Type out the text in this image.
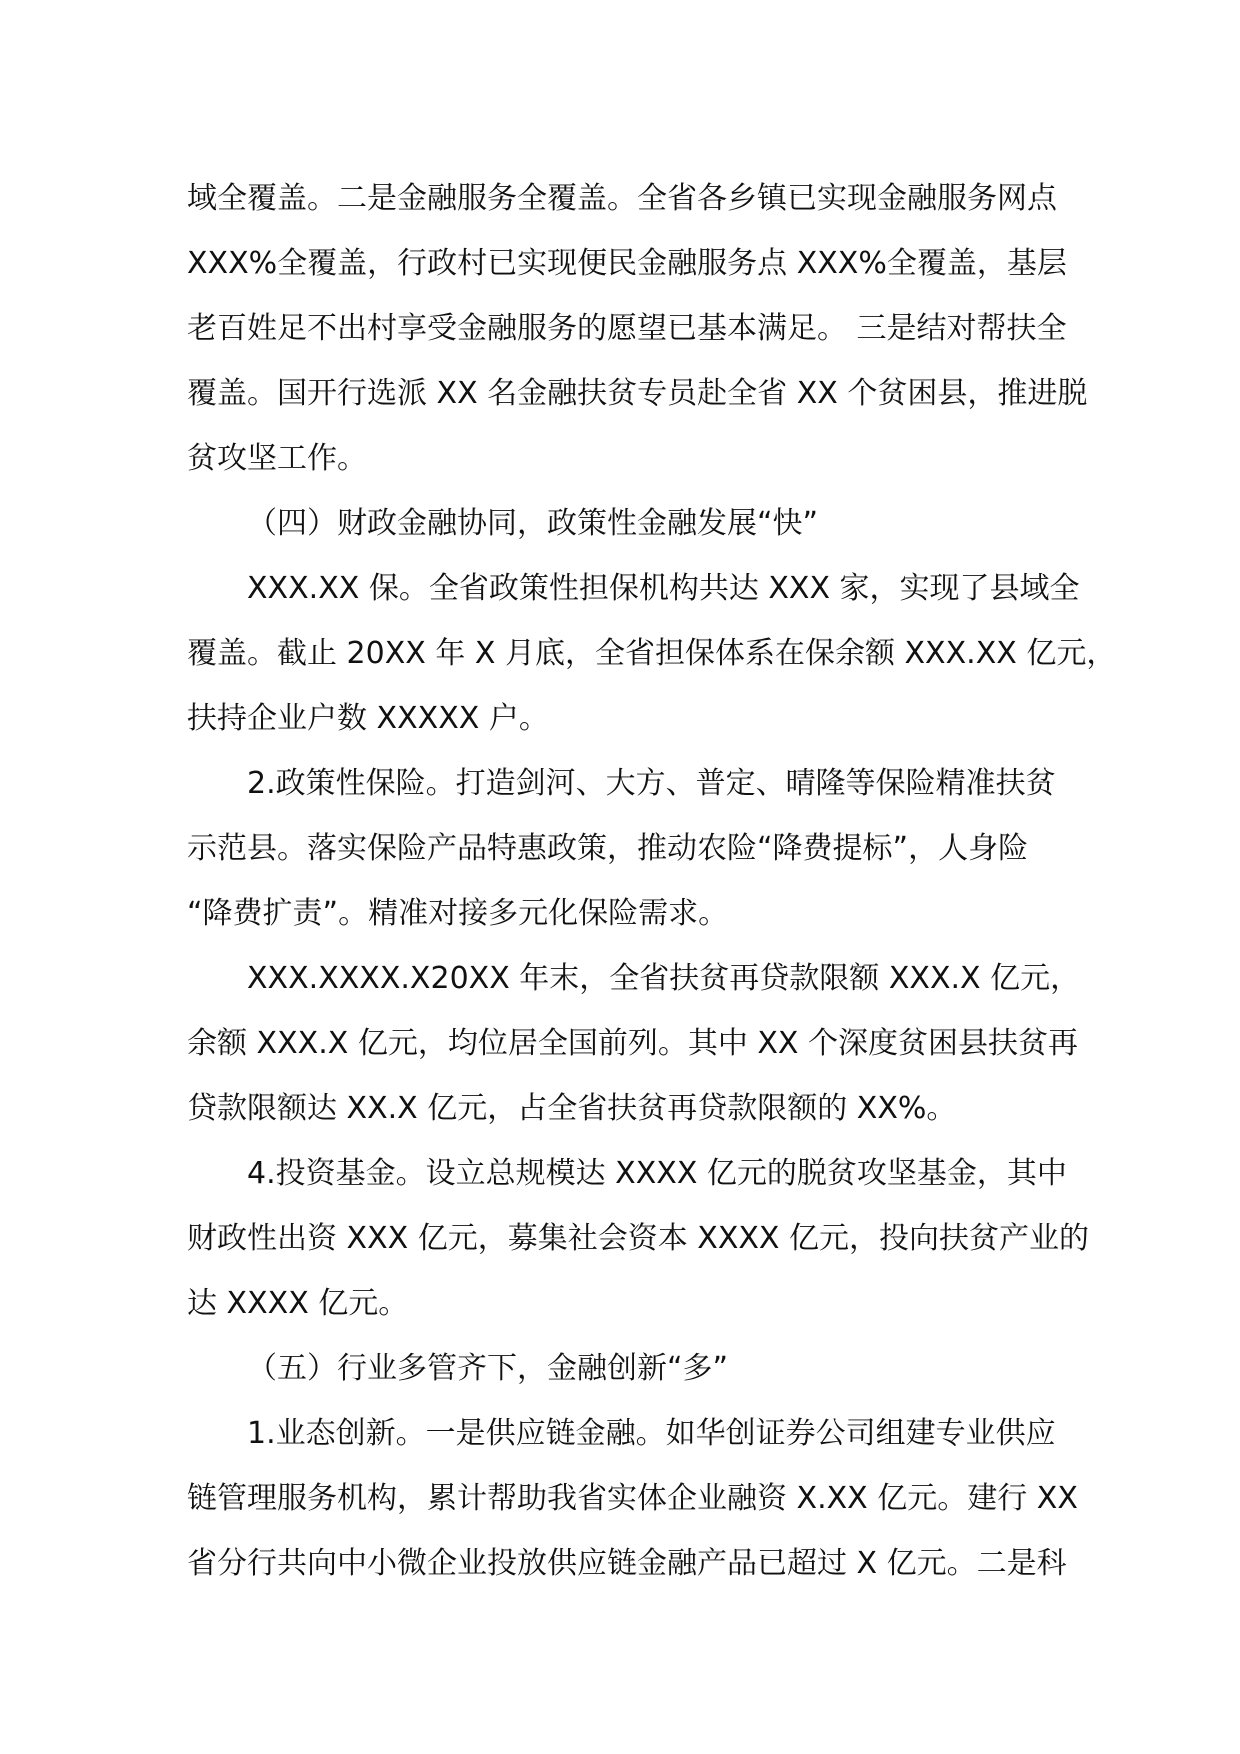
域全覆盖。二是金融服务全覆盖。全省各乡镇已实现金融服务网点
XXX%全覆盖，行政村已实现便民金融服务点 XXX%全覆盖，基层
老百姓足不出村享受金融服务的愿望已基本满足。 三是结对帮扶全
覆盖。国开行选派 XX 名金融扶贫专员赴全省 XX 个贫困县，推进脱
贫攻坚工作。
（四）财政金融协同，政策性金融发展“快”
XXX.XX 保。全省政策性担保机构共达 XXX 家，实现了县域全
覆盖。截止 20XX 年 X 月底，全省担保体系在保余额 XXX.XX 亿元，
扶持企业户数 XXXXX 户。
2.政策性保险。打造剑河、大方、普定、晴隆等保险精准扶贫
示范县。落实保险产品特惠政策，推动农险“降费提标”，人身险
“降费扩责”。精准对接多元化保险需求。
XXX.XXXX.X20XX 年末，全省扶贫再贷款限额 XXX.X 亿元，
余额 XXX.X 亿元，均位居全国前列。其中 XX 个深度贫困县扶贫再
贷款限额达 XX.X 亿元，占全省扶贫再贷款限额的 XX%。
4.投资基金。设立总规模达 XXXX 亿元的脱贫攻坚基金，其中
财政性出资 XXX 亿元，募集社会资本 XXXX 亿元，投向扶贫产业的
达 XXXX 亿元。
（五）行业多管齐下，金融创新“多”
1.业态创新。一是供应链金融。如华创证券公司组建专业供应
链管理服务机构，累计帮助我省实体企业融资 X.XX 亿元。建行 XX
省分行共向中小微企业投放供应链金融产品已超过 X 亿元。二是科
